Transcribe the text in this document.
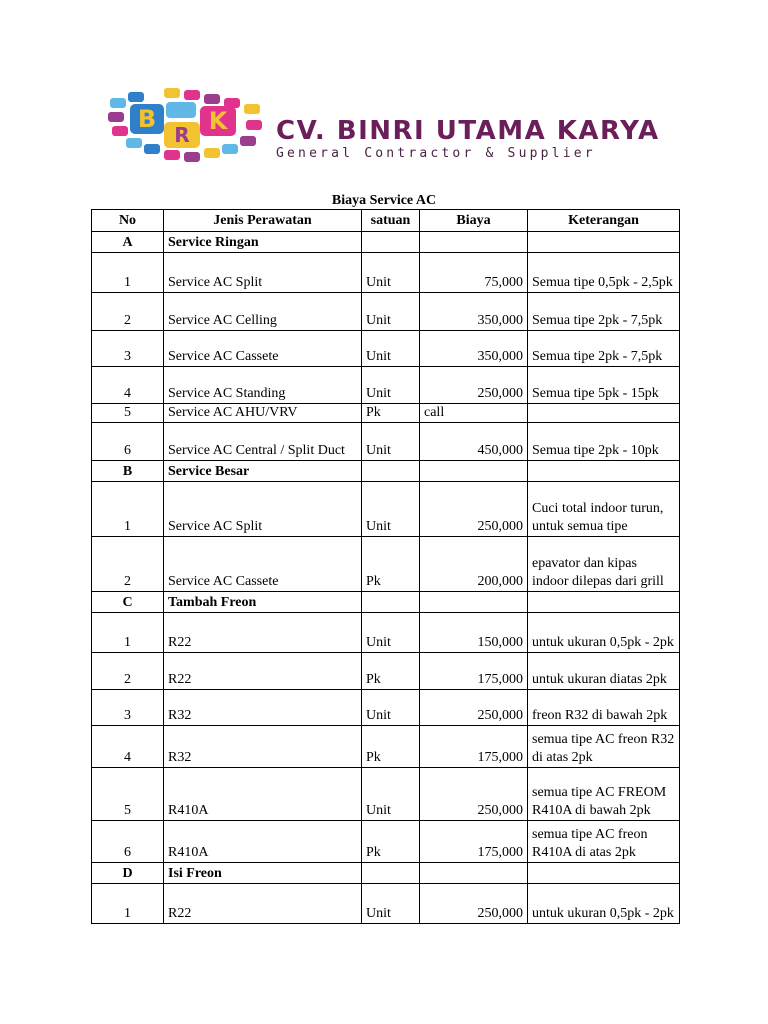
B K
R	CV. BINRI UTAMA KARYA
General Contractor & Supplier
Biaya Service AC
No	Jenis Perawatan	satuan	Biaya	Keterangan
A	Service Ringan			
1	Service AC Split	Unit	75,000	Semua tipe 0,5pk - 2,5pk
2	Service AC Celling	Unit	350,000	Semua tipe 2pk - 7,5pk
3	Service AC Cassete	Unit	350,000	Semua tipe 2pk - 7,5pk
4	Service AC Standing	Unit	250,000	Semua tipe 5pk - 15pk
5	Service AC AHU/VRV	Pk	call	
6	Service AC Central / Split Duct	Unit	450,000	Semua tipe 2pk - 10pk
B	Service Besar			
1	Service AC Split	Unit	250,000	Cuci total indoor turun, untuk semua tipe
2	Service AC Cassete	Pk	200,000	epavator dan kipas indoor dilepas dari grill
C	Tambah Freon			
1	R22	Unit	150,000	untuk ukuran 0,5pk - 2pk
2	R22	Pk	175,000	untuk ukuran diatas 2pk
3	R32	Unit	250,000	freon R32 di bawah 2pk
4	R32	Pk	175,000	semua tipe AC freon R32 di atas 2pk
5	R410A	Unit	250,000	semua tipe AC FREOM R410A di bawah 2pk
6	R410A	Pk	175,000	semua tipe AC freon R410A di atas 2pk
D	Isi Freon			
1	R22	Unit	250,000	untuk ukuran 0,5pk - 2pk
